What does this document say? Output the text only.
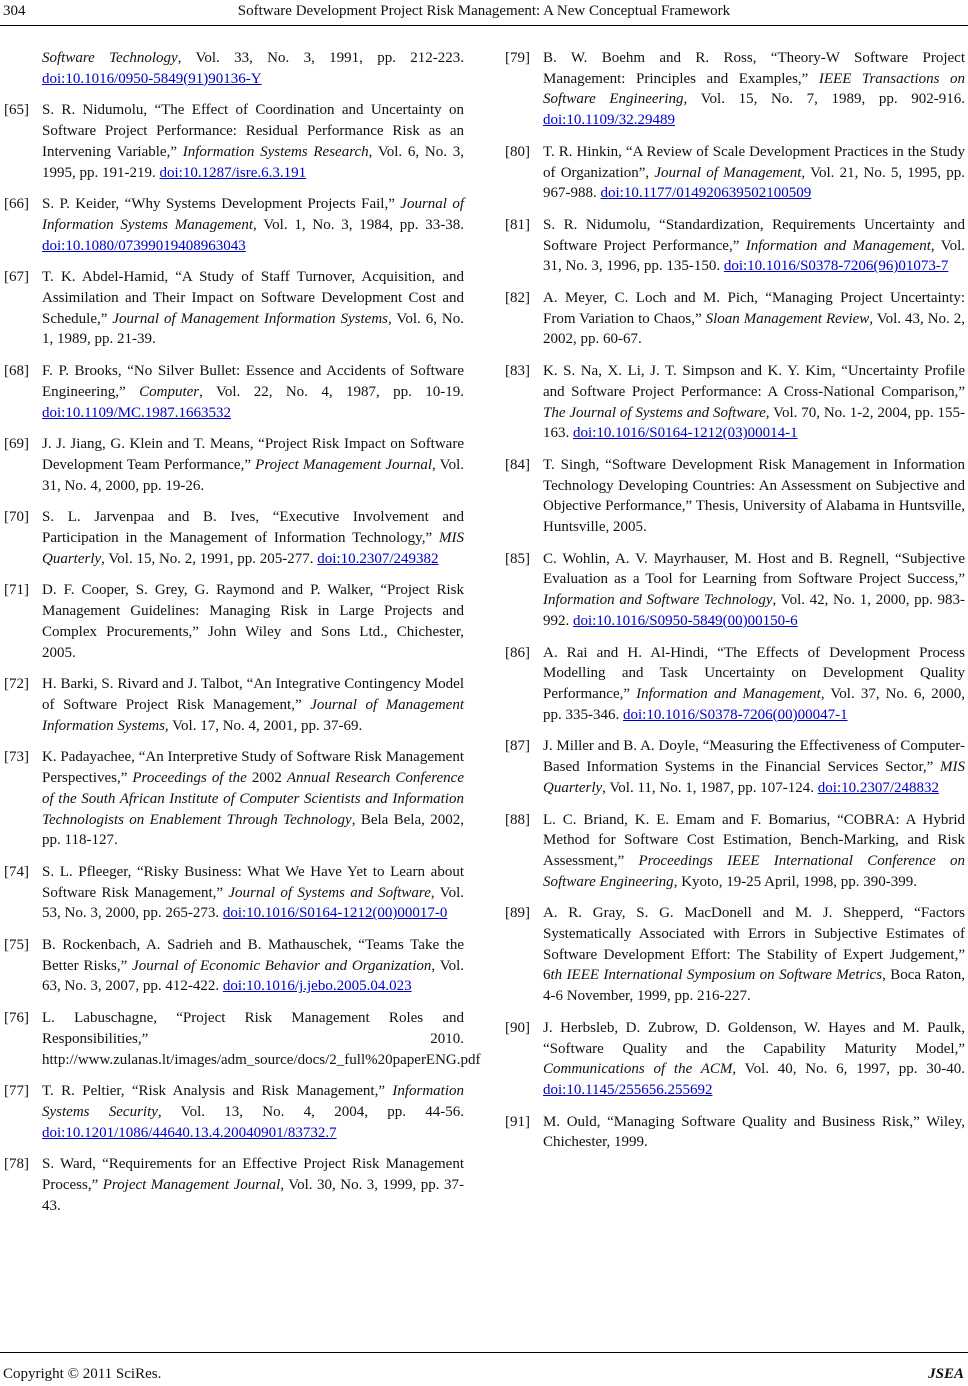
304	Software Development Project Risk Management: A New Conceptual Framework
Software Technology, Vol. 33, No. 3, 1991, pp. 212-223. doi:10.1016/0950-5849(91)90136-Y
[65] S. R. Nidumolu, “The Effect of Coordination and Uncertainty on Software Project Performance: Residual Performance Risk as an Intervening Variable,” Information Systems Research, Vol. 6, No. 3, 1995, pp. 191-219. doi:10.1287/isre.6.3.191
[66] S. P. Keider, “Why Systems Development Projects Fail,” Journal of Information Systems Management, Vol. 1, No. 3, 1984, pp. 33-38. doi:10.1080/07399019408963043
[67] T. K. Abdel-Hamid, “A Study of Staff Turnover, Acquisition, and Assimilation and Their Impact on Software Development Cost and Schedule,” Journal of Management Information Systems, Vol. 6, No. 1, 1989, pp. 21-39.
[68] F. P. Brooks, “No Silver Bullet: Essence and Accidents of Software Engineering,” Computer, Vol. 22, No. 4, 1987, pp. 10-19. doi:10.1109/MC.1987.1663532
[69] J. J. Jiang, G. Klein and T. Means, “Project Risk Impact on Software Development Team Performance,” Project Management Journal, Vol. 31, No. 4, 2000, pp. 19-26.
[70] S. L. Jarvenpaa and B. Ives, “Executive Involvement and Participation in the Management of Information Technology,” MIS Quarterly, Vol. 15, No. 2, 1991, pp. 205-277. doi:10.2307/249382
[71] D. F. Cooper, S. Grey, G. Raymond and P. Walker, “Project Risk Management Guidelines: Managing Risk in Large Projects and Complex Procurements,” John Wiley and Sons Ltd., Chichester, 2005.
[72] H. Barki, S. Rivard and J. Talbot, “An Integrative Contingency Model of Software Project Risk Management,” Journal of Management Information Systems, Vol. 17, No. 4, 2001, pp. 37-69.
[73] K. Padayachee, “An Interpretive Study of Software Risk Management Perspectives,” Proceedings of the 2002 Annual Research Conference of the South African Institute of Computer Scientists and Information Technologists on Enablement Through Technology, Bela Bela, 2002, pp. 118-127.
[74] S. L. Pfleeger, “Risky Business: What We Have Yet to Learn about Software Risk Management,” Journal of Systems and Software, Vol. 53, No. 3, 2000, pp. 265-273. doi:10.1016/S0164-1212(00)00017-0
[75] B. Rockenbach, A. Sadrieh and B. Mathauschek, “Teams Take the Better Risks,” Journal of Economic Behavior and Organization, Vol. 63, No. 3, 2007, pp. 412-422. doi:10.1016/j.jebo.2005.04.023
[76] L. Labuschagne, “Project Risk Management Roles and Responsibilities,” 2010. http://www.zulanas.lt/images/adm_source/docs/2_full%20paperENG.pdf
[77] T. R. Peltier, “Risk Analysis and Risk Management,” Information Systems Security, Vol. 13, No. 4, 2004, pp. 44-56. doi:10.1201/1086/44640.13.4.20040901/83732.7
[78] S. Ward, “Requirements for an Effective Project Risk Management Process,” Project Management Journal, Vol. 30, No. 3, 1999, pp. 37-43.
[79] B. W. Boehm and R. Ross, “Theory-W Software Project Management: Principles and Examples,” IEEE Transactions on Software Engineering, Vol. 15, No. 7, 1989, pp. 902-916. doi:10.1109/32.29489
[80] T. R. Hinkin, “A Review of Scale Development Practices in the Study of Organization”, Journal of Management, Vol. 21, No. 5, 1995, pp. 967-988. doi:10.1177/014920639502100509
[81] S. R. Nidumolu, “Standardization, Requirements Uncertainty and Software Project Performance,” Information and Management, Vol. 31, No. 3, 1996, pp. 135-150. doi:10.1016/S0378-7206(96)01073-7
[82] A. Meyer, C. Loch and M. Pich, “Managing Project Uncertainty: From Variation to Chaos,” Sloan Management Review, Vol. 43, No. 2, 2002, pp. 60-67.
[83] K. S. Na, X. Li, J. T. Simpson and K. Y. Kim, “Uncertainty Profile and Software Project Performance: A Cross-National Comparison,” The Journal of Systems and Software, Vol. 70, No. 1-2, 2004, pp. 155-163. doi:10.1016/S0164-1212(03)00014-1
[84] T. Singh, “Software Development Risk Management in Information Technology Developing Countries: An Assessment on Subjective and Objective Performance,” Thesis, University of Alabama in Huntsville, Huntsville, 2005.
[85] C. Wohlin, A. V. Mayrhauser, M. Host and B. Regnell, “Subjective Evaluation as a Tool for Learning from Software Project Success,” Information and Software Technology, Vol. 42, No. 1, 2000, pp. 983-992. doi:10.1016/S0950-5849(00)00150-6
[86] A. Rai and H. Al-Hindi, “The Effects of Development Process Modelling and Task Uncertainty on Development Quality Performance,” Information and Management, Vol. 37, No. 6, 2000, pp. 335-346. doi:10.1016/S0378-7206(00)00047-1
[87] J. Miller and B. A. Doyle, “Measuring the Effectiveness of Computer-Based Information Systems in the Financial Services Sector,” MIS Quarterly, Vol. 11, No. 1, 1987, pp. 107-124. doi:10.2307/248832
[88] L. C. Briand, K. E. Emam and F. Bomarius, “COBRA: A Hybrid Method for Software Cost Estimation, Bench-Marking, and Risk Assessment,” Proceedings IEEE International Conference on Software Engineering, Kyoto, 19-25 April, 1998, pp. 390-399.
[89] A. R. Gray, S. G. MacDonell and M. J. Shepperd, “Factors Systematically Associated with Errors in Subjective Estimates of Software Development Effort: The Stability of Expert Judgement,” 6th IEEE International Symposium on Software Metrics, Boca Raton, 4-6 November, 1999, pp. 216-227.
[90] J. Herbsleb, D. Zubrow, D. Goldenson, W. Hayes and M. Paulk, “Software Quality and the Capability Maturity Model,” Communications of the ACM, Vol. 40, No. 6, 1997, pp. 30-40. doi:10.1145/255656.255692
[91] M. Ould, “Managing Software Quality and Business Risk,” Wiley, Chichester, 1999.
Copyright © 2011 SciRes.	JSEA
